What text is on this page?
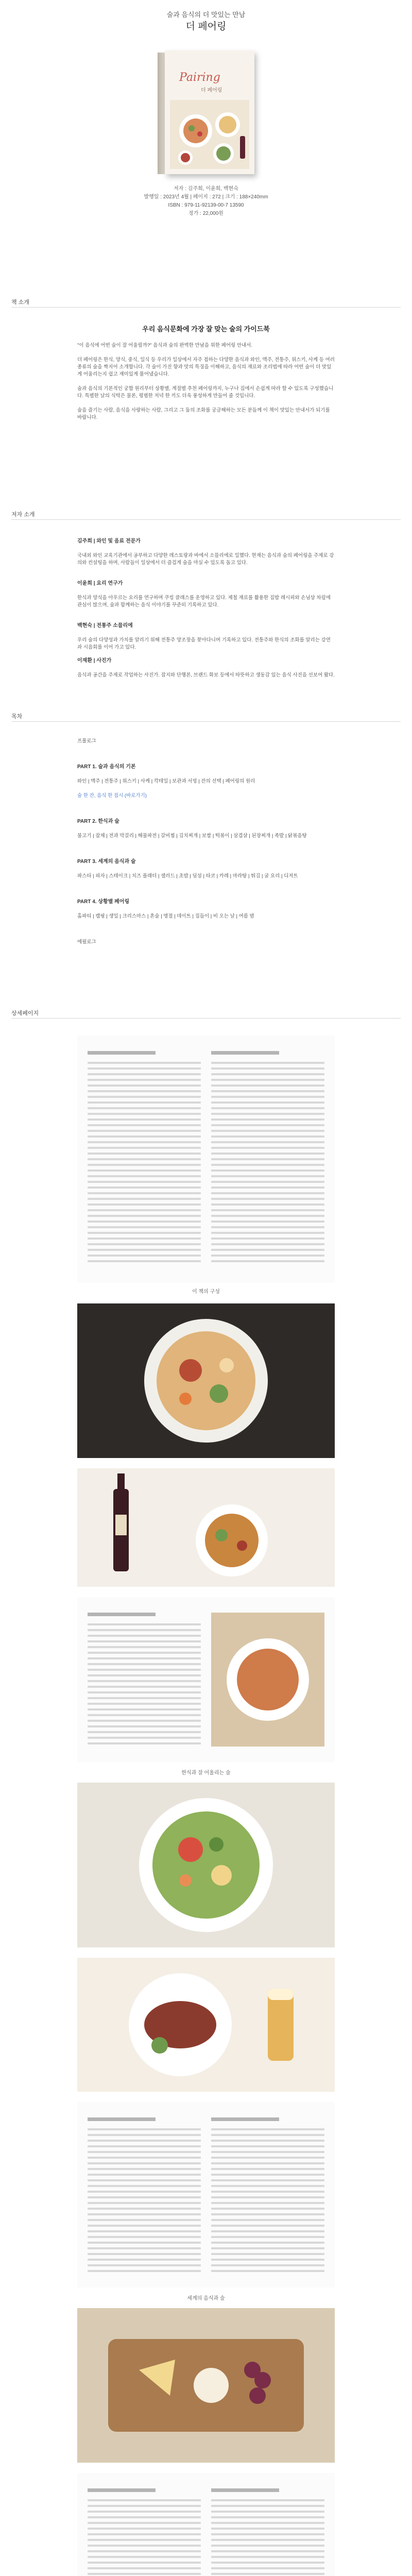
술과 음식의 더 맛있는 만남
더 페어링
Pairing
더 페어링
저자 : 김주희, 이윤희, 백현숙
발행일 : 2023년 4월 | 페이지 : 272 | 크기 : 188×240mm
ISBN : 979-11-92139-00-7 13590
정가 : 22,000원
책 소개
우리 음식문화에 가장 잘 맞는 술의 가이드북
"이 음식에 어떤 술이 잘 어울릴까?" 음식과 술의 완벽한 만남을 위한 페어링 안내서.

더 페어링은 한식, 양식, 중식, 일식 등 우리가 일상에서 자주 접하는 다양한 음식과 와인, 맥주, 전통주, 위스키, 사케 등 여러 종류의 술을 짝지어 소개합니다. 각 술이 가진 향과 맛의 특징을 이해하고, 음식의 재료와 조리법에 따라 어떤 술이 더 맛있게 어울리는지 쉽고 재미있게 풀어냈습니다.

술과 음식의 기본적인 궁합 원리부터 상황별, 계절별 추천 페어링까지, 누구나 집에서 손쉽게 따라 할 수 있도록 구성했습니다. 특별한 날의 식탁은 물론, 평범한 저녁 한 끼도 더욱 풍성하게 만들어 줄 것입니다.

술을 즐기는 사람, 음식을 사랑하는 사람, 그리고 그 둘의 조화를 궁금해하는 모든 분들께 이 책이 맛있는 안내서가 되기를 바랍니다.
저자 소개

김주희 | 와인 및 음료 전문가

국내외 와인 교육기관에서 공부하고 다양한 레스토랑과 바에서 소믈리에로 일했다. 현재는 음식과 술의 페어링을 주제로 강의와 컨설팅을 하며, 사람들이 일상에서 더 즐겁게 술을 마실 수 있도록 돕고 있다.

이윤희 | 요리 연구가

한식과 양식을 아우르는 요리를 연구하며 쿠킹 클래스를 운영하고 있다. 제철 재료를 활용한 집밥 레시피와 손님상 차림에 관심이 많으며, 술과 함께하는 음식 이야기를 꾸준히 기록하고 있다.

백현숙 | 전통주 소믈리에

우리 술의 다양성과 가치를 알리기 위해 전통주 양조장을 찾아다니며 기록하고 있다. 전통주와 한식의 조화를 알리는 강연과 시음회를 이어 가고 있다.

이재환 | 사진가

음식과 공간을 주제로 작업하는 사진가. 잡지와 단행본, 브랜드 화보 등에서 따뜻하고 생동감 있는 음식 사진을 선보여 왔다.

목차

프롤로그

PART 1. 술과 음식의 기본

와인 | 맥주 | 전통주 | 위스키 | 사케 | 칵테일 | 보관과 서빙 | 잔의 선택 | 페어링의 원리

술 한 잔, 음식 한 접시 (바로가기)

PART 2. 한식과 술

불고기 | 잡채 | 전과 막걸리 | 해물파전 | 갈비찜 | 김치찌개 | 보쌈 | 떡볶이 | 삼겹살 | 된장찌개 | 족발 | 닭볶음탕

PART 3. 세계의 음식과 술

파스타 | 피자 | 스테이크 | 치즈 플래터 | 샐러드 | 초밥 | 딤섬 | 타코 | 카레 | 마라탕 | 튀김 | 굴 요리 | 디저트

PART 4. 상황별 페어링

홈파티 | 캠핑 | 생일 | 크리스마스 | 혼술 | 명절 | 데이트 | 집들이 | 비 오는 날 | 여름 밤

에필로그

상세페이지
이 책의 구성
한식과 잘 어울리는 술
세계의 음식과 술
